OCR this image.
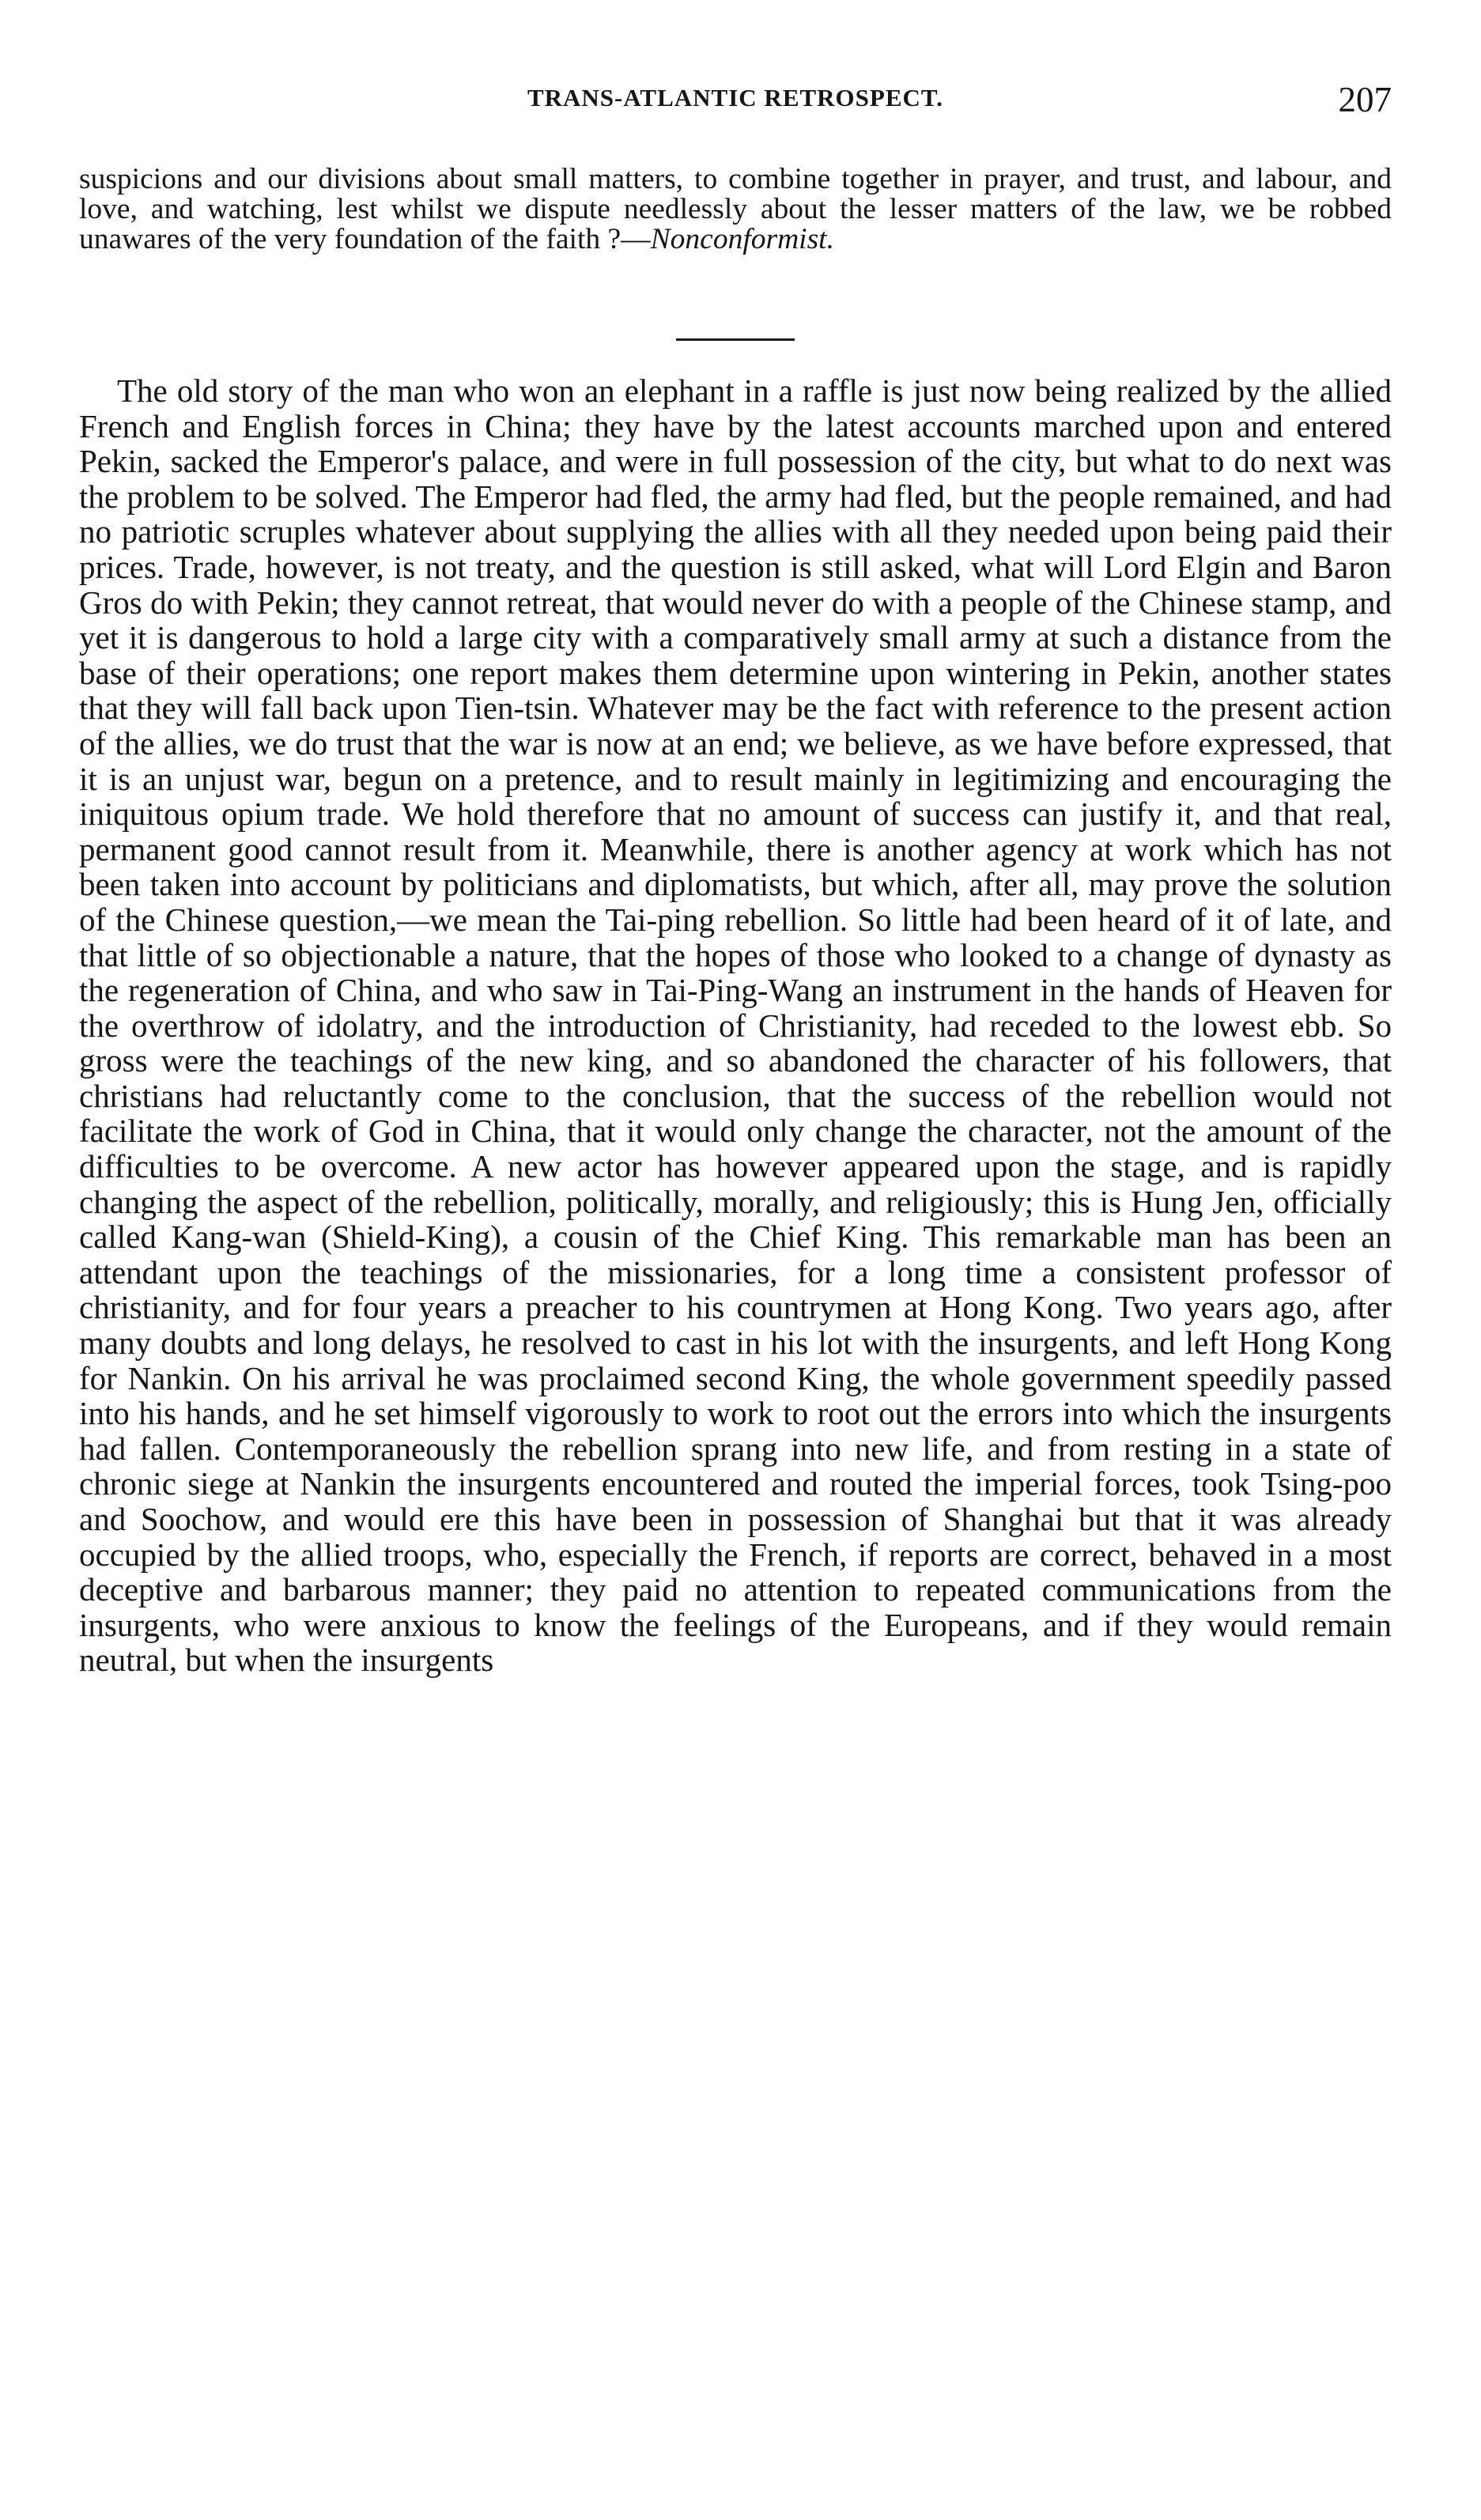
TRANS-ATLANTIC RETROSPECT.	207

suspicions and our divisions about small matters, to combine together in prayer, and trust, and labour, and love, and watching, lest whilst we dispute needlessly about the lesser matters of the law, we be robbed unawares of the very foundation of the faith ?—Nonconformist.

The old story of the man who won an elephant in a raffle is just now being realized by the allied French and English forces in China; they have by the latest accounts marched upon and entered Pekin, sacked the Emperor's palace, and were in full possession of the city, but what to do next was the problem to be solved. The Emperor had fled, the army had fled, but the people remained, and had no patriotic scruples whatever about supplying the allies with all they needed upon being paid their prices. Trade, however, is not treaty, and the question is still asked, what will Lord Elgin and Baron Gros do with Pekin; they cannot retreat, that would never do with a people of the Chinese stamp, and yet it is dangerous to hold a large city with a comparatively small army at such a distance from the base of their operations; one report makes them determine upon wintering in Pekin, another states that they will fall back upon Tien-tsin. Whatever may be the fact with reference to the present action of the allies, we do trust that the war is now at an end; we believe, as we have before expressed, that it is an unjust war, begun on a pretence, and to result mainly in legitimizing and encouraging the iniquitous opium trade. We hold therefore that no amount of success can justify it, and that real, permanent good cannot result from it. Meanwhile, there is another agency at work which has not been taken into account by politicians and diplomatists, but which, after all, may prove the solution of the Chinese question,—we mean the Tai-ping rebellion. So little had been heard of it of late, and that little of so objectionable a nature, that the hopes of those who looked to a change of dynasty as the regeneration of China, and who saw in Tai-Ping-Wang an instrument in the hands of Heaven for the overthrow of idolatry, and the introduction of Christianity, had receded to the lowest ebb. So gross were the teachings of the new king, and so abandoned the character of his followers, that christians had reluctantly come to the conclusion, that the success of the rebellion would not facilitate the work of God in China, that it would only change the character, not the amount of the difficulties to be overcome. A new actor has however appeared upon the stage, and is rapidly changing the aspect of the rebellion, politically, morally, and religiously; this is Hung Jen, officially called Kang-wan (Shield-King), a cousin of the Chief King. This remarkable man has been an attendant upon the teachings of the missionaries, for a long time a consistent professor of christianity, and for four years a preacher to his countrymen at Hong Kong. Two years ago, after many doubts and long delays, he resolved to cast in his lot with the insurgents, and left Hong Kong for Nankin. On his arrival he was proclaimed second King, the whole government speedily passed into his hands, and he set himself vigorously to work to root out the errors into which the insurgents had fallen. Contemporaneously the rebellion sprang into new life, and from resting in a state of chronic siege at Nankin the insurgents encountered and routed the imperial forces, took Tsing-poo and Soochow, and would ere this have been in possession of Shanghai but that it was already occupied by the allied troops, who, especially the French, if reports are correct, behaved in a most deceptive and barbarous manner; they paid no attention to repeated communications from the insurgents, who were anxious to know the feelings of the Europeans, and if they would remain neutral, but when the insurgents
